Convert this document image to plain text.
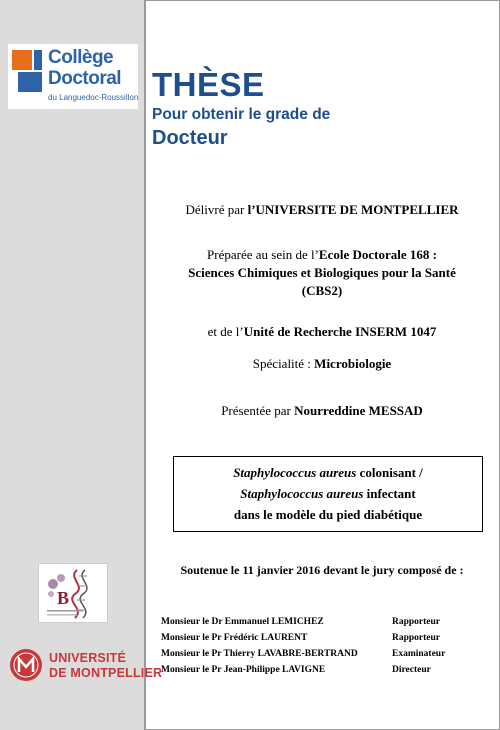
Collège
Doctoral
du Languedoc-Roussillon
B
UNIVERSITÉ
DE MONTPELLIER
THÈSE
Pour obtenir le grade de
Docteur
Délivré par l’UNIVERSITE DE MONTPELLIER
Préparée au sein de l’Ecole Doctorale 168 :
Sciences Chimiques et Biologiques pour la Santé
(CBS2)
et de l’Unité de Recherche INSERM 1047
Spécialité : Microbiologie
Présentée par Nourreddine MESSAD
Staphylococcus aureus colonisant /
Staphylococcus aureus infectant
dans le modèle du pied diabétique
Soutenue le 11 janvier 2016 devant le jury composé de :
Monsieur le Dr Emmanuel LEMICHEZ	Rapporteur
Monsieur le Pr Frédéric LAURENT	Rapporteur
Monsieur le Pr Thierry LAVABRE-BERTRAND	Examinateur
Monsieur le Pr Jean-Philippe LAVIGNE	Directeur
